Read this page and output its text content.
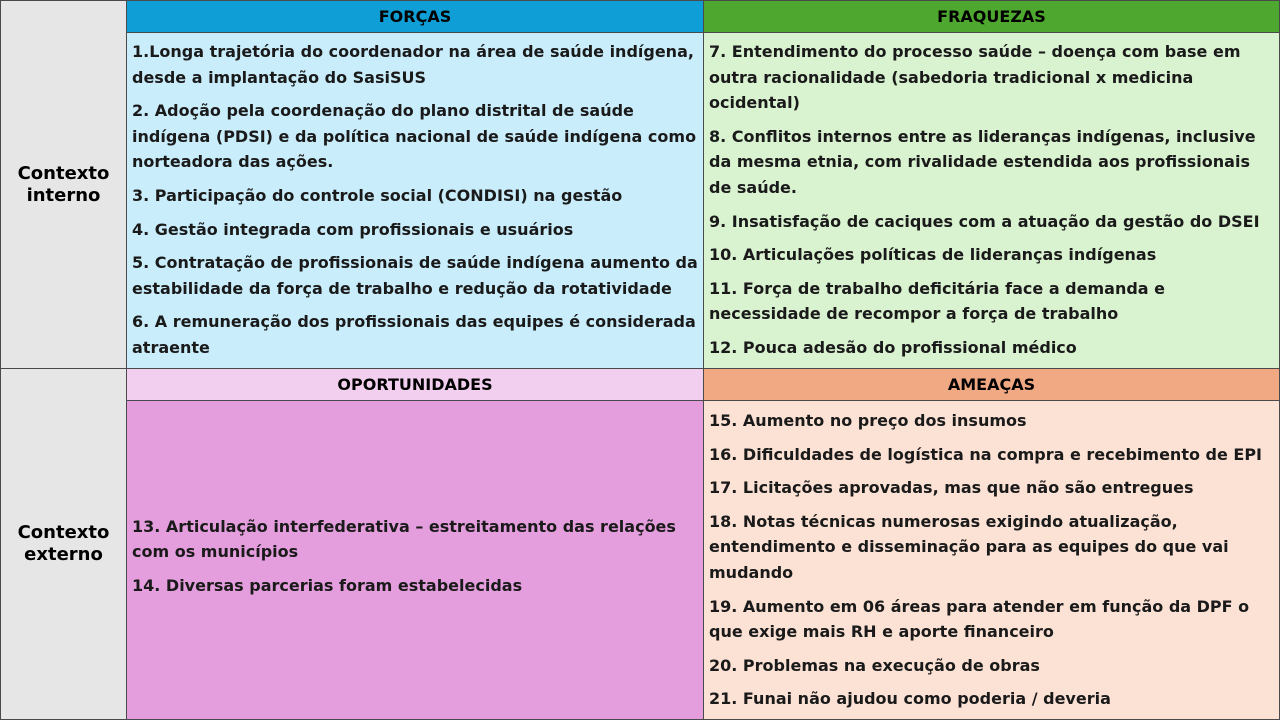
Contexto
interno
Contexto
externo
FORÇAS	FRAQUEZAS
OPORTUNIDADES	AMEAÇAS

1.Longa trajetória do coordenador na área de saúde indígena, desde a implantação do SasiSUS

2. Adoção pela coordenação do plano distrital de saúde indígena (PDSI) e da política nacional de saúde indígena como norteadora das ações.

3. Participação do controle social (CONDISI) na gestão

4. Gestão integrada com profissionais e usuários

5. Contratação de profissionais de saúde indígena aumento da estabilidade da força de trabalho e redução da rotatividade

6. A remuneração dos profissionais das equipes é considerada atraente

7. Entendimento do processo saúde – doença com base em outra racionalidade (sabedoria tradicional x medicina ocidental)

8. Conflitos internos entre as lideranças indígenas, inclusive da mesma etnia, com rivalidade estendida aos profissionais de saúde.

9. Insatisfação de caciques com a atuação da gestão do DSEI

10. Articulações políticas de lideranças indígenas

11. Força de trabalho deficitária face a demanda e necessidade de recompor a força de trabalho

12. Pouca adesão do profissional médico

13. Articulação interfederativa – estreitamento das relações com os municípios

14. Diversas parcerias foram estabelecidas

15. Aumento no preço dos insumos

16. Dificuldades de logística na compra e recebimento de EPI

17. Licitações aprovadas, mas que não são entregues

18. Notas técnicas numerosas exigindo atualização, entendimento e disseminação para as equipes do que vai mudando

19. Aumento em 06 áreas para atender em função da DPF o que exige mais RH e aporte financeiro

20. Problemas na execução de obras

21. Funai não ajudou como poderia / deveria
